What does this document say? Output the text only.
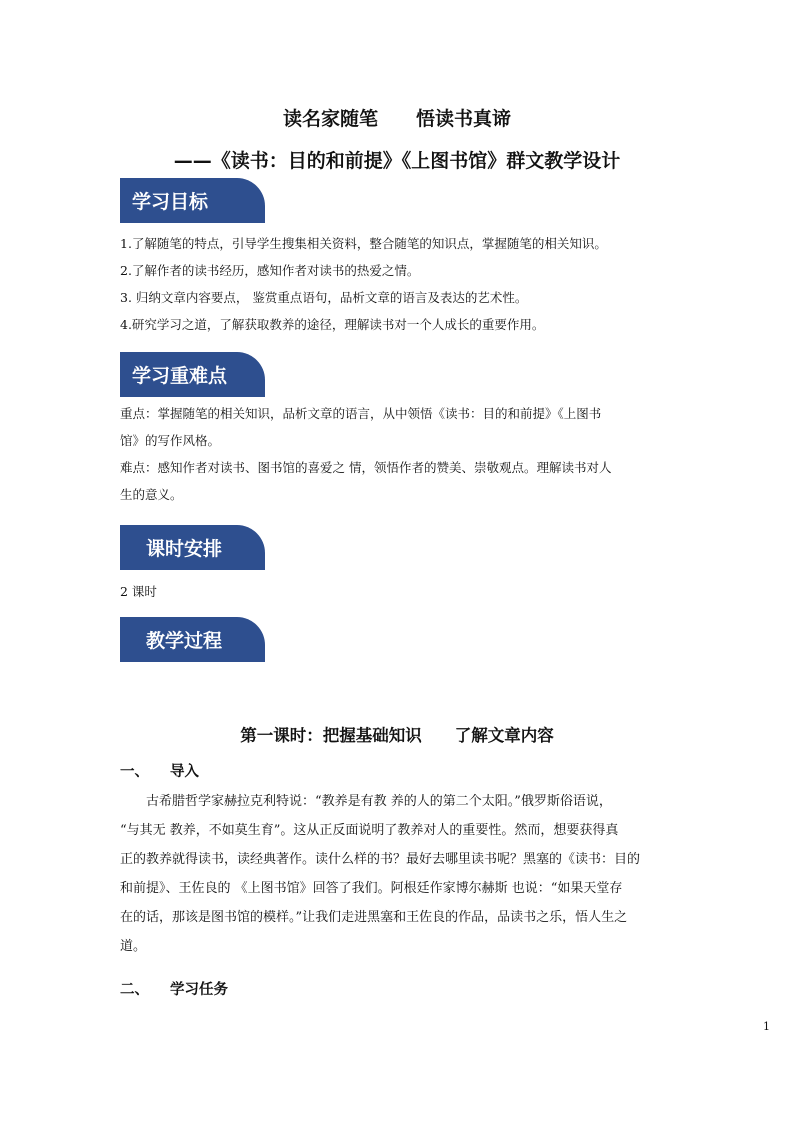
读名家随笔　　悟读书真谛
——《读书：目的和前提》《上图书馆》群文教学设计
学习目标
1.了解随笔的特点，引导学生搜集相关资料，整合随笔的知识点，掌握随笔的相关知识。
2.了解作者的读书经历，感知作者对读书的热爱之情。
3. 归纳文章内容要点， 鉴赏重点语句，品析文章的语言及表达的艺术性。
4.研究学习之道，了解获取教养的途径，理解读书对一个人成长的重要作用。
学习重难点
重点：掌握随笔的相关知识，品析文章的语言，从中领悟《读书：目的和前提》《上图书
馆》的写作风格。
难点：感知作者对读书、图书馆的喜爱之 情，领悟作者的赞美、崇敬观点。理解读书对人
生的意义。
课时安排
2 课时
教学过程
第一课时：把握基础知识　　了解文章内容
一、 导入
　　古希腊哲学家赫拉克利特说：“教养是有教 养的人的第二个太阳。”俄罗斯俗语说，
“与其无 教养，不如莫生育”。这从正反面说明了教养对人的重要性。然而，想要获得真
正的教养就得读书，读经典著作。读什么样的书？最好去哪里读书呢？黑塞的《读书：目的
和前提》、王佐良的 《上图书馆》回答了我们。阿根廷作家博尔赫斯 也说：“如果天堂存
在的话，那该是图书馆的模样。”让我们走进黑塞和王佐良的作品，品读书之乐，悟人生之
道。
二、 学习任务
1
